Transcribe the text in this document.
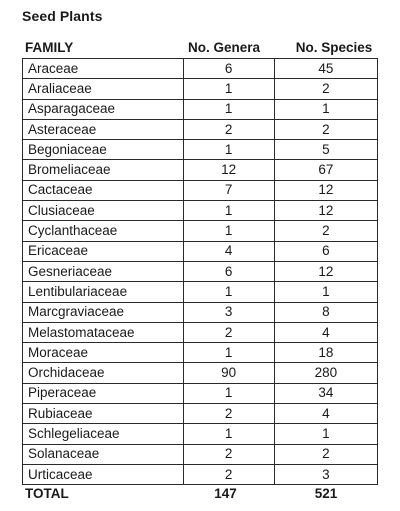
Seed Plants
FAMILY	No. Genera	No. Species
Araceae	6	45
Araliaceae	1	2
Asparagaceae	1	1
Asteraceae	2	2
Begoniaceae	1	5
Bromeliaceae	12	67
Cactaceae	7	12
Clusiaceae	1	12
Cyclanthaceae	1	2
Ericaceae	4	6
Gesneriaceae	6	12
Lentibulariaceae	1	1
Marcgraviaceae	3	8
Melastomataceae	2	4
Moraceae	1	18
Orchidaceae	90	280
Piperaceae	1	34
Rubiaceae	2	4
Schlegeliaceae	1	1
Solanaceae	2	2
Urticaceae	2	3
TOTAL	147	521
